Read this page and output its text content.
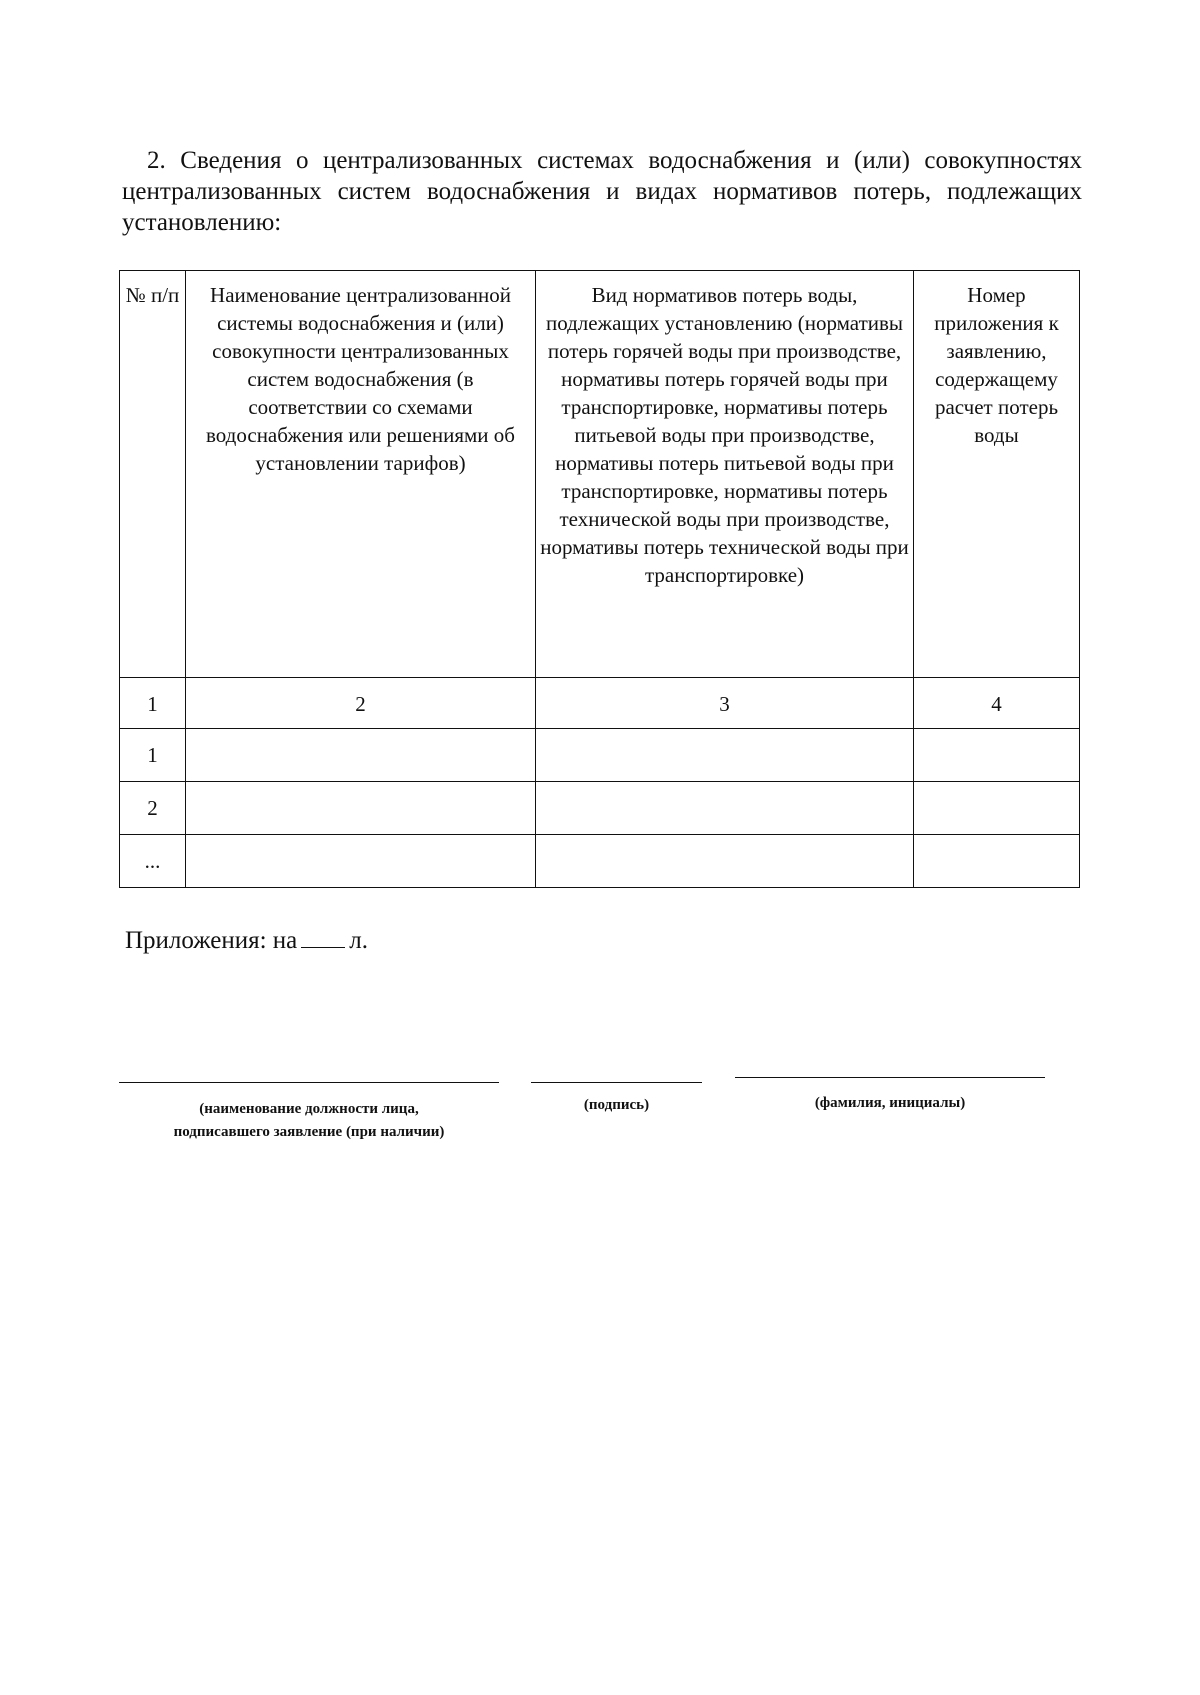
2. Сведения о централизованных системах водоснабжения и (или) совокупностях централизованных систем водоснабжения и видах нормативов потерь, подлежащих установлению:

№ п/п	Наименование централизованной системы водоснабжения и (или) совокупности централизованных систем водоснабжения (в соответствии со схемами водоснабжения или решениями об установлении тарифов)	Вид нормативов потерь воды, подлежащих установлению (нормативы потерь горячей воды при производстве, нормативы потерь горячей воды при транспортировке, нормативы потерь питьевой воды при производстве, нормативы потерь питьевой воды при транспортировке, нормативы потерь технической воды при производстве, нормативы потерь технической воды при транспортировке)	Номер приложения к заявлению, содержащему расчет потерь воды
1	2	3	4
1			
2			
...			

Приложения: на л.

(наименование должности лица,
подписавшего заявление (при наличии)
(подпись)	(фамилия, инициалы)
